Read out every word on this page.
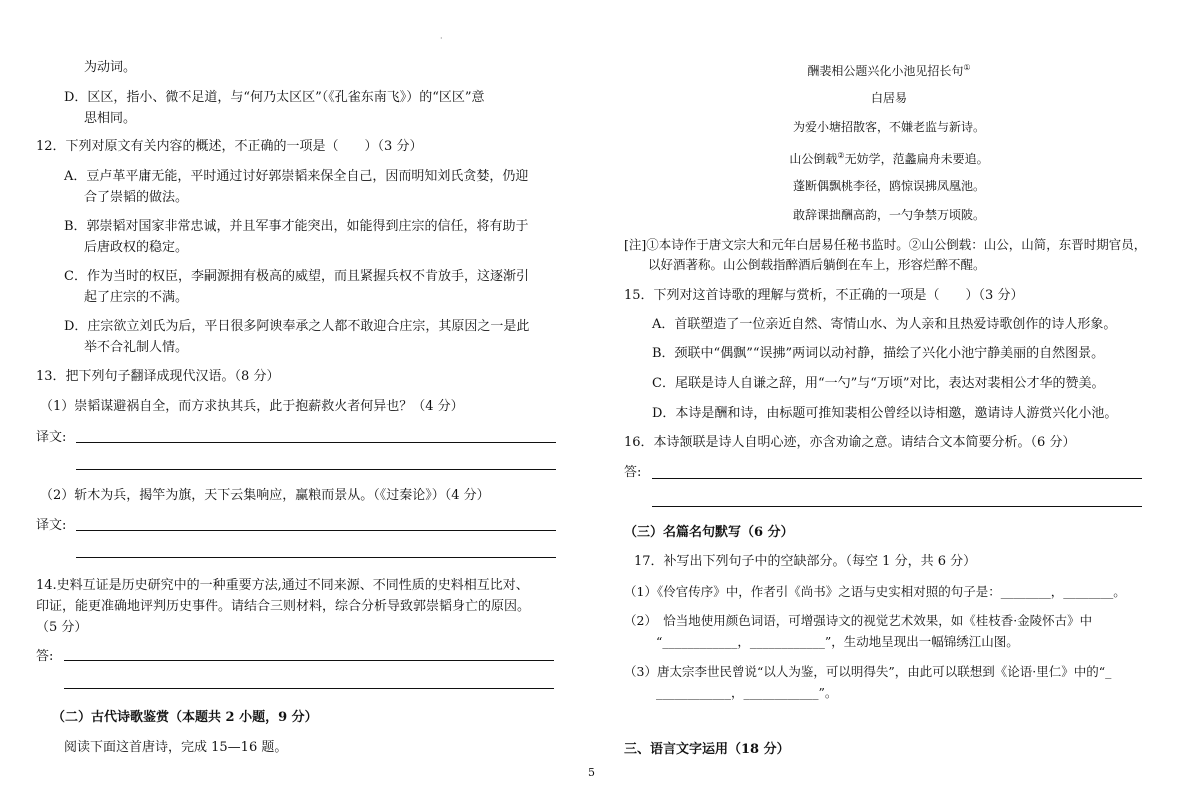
·
为动词。
D．区区，指小、微不足道，与“何乃太区区”（《孔雀东南飞》）的“区区”意
思相同。
12．下列对原文有关内容的概述，不正确的一项是（　　）（3 分）
A．豆卢革平庸无能，平时通过讨好郭崇韬来保全自己，因而明知刘氏贪婪，仍迎
合了崇韬的做法。
B．郭崇韬对国家非常忠诚，并且军事才能突出，如能得到庄宗的信任，将有助于
后唐政权的稳定。
C．作为当时的权臣，李嗣源拥有极高的威望，而且紧握兵权不肯放手，这逐渐引
起了庄宗的不满。
D．庄宗欲立刘氏为后，平日很多阿谀奉承之人都不敢迎合庄宗，其原因之一是此
举不合礼制人情。
13．把下列句子翻译成现代汉语。（8 分）
（1）崇韬谋避祸自全，而方求执其兵，此于抱薪救火者何异也？（4 分）
译文:
（2）斩木为兵，揭竿为旗，天下云集响应，赢粮而景从。（《过秦论》）（4 分）
译文:
14.史料互证是历史研究中的一种重要方法,通过不同来源、不同性质的史料相互比对、
印证，能更准确地评判历史事件。请结合三则材料，综合分析导致郭崇韬身亡的原因。
（5 分）
答:
（二）古代诗歌鉴赏（本题共 2 小题，9 分）
阅读下面这首唐诗，完成 15—16 题。
酬裴相公题兴化小池见招长句①
白居易
为爱小塘招散客，不嫌老监与新诗。
山公倒载②无妨学，范蠡扁舟未要追。
蓬断偶飘桃李径，鸥惊误拂凤凰池。
敢辞课拙酬高韵，一勺争禁万顷陂。
[注]①本诗作于唐文宗大和元年白居易任秘书监时。②山公倒载：山公，山简，东晋时期官员，
以好酒著称。山公倒载指醉酒后躺倒在车上，形容烂醉不醒。
15．下列对这首诗歌的理解与赏析，不正确的一项是（　　）（3 分）
A．首联塑造了一位亲近自然、寄情山水、为人亲和且热爱诗歌创作的诗人形象。
B．颈联中“偶飘”“误拂”两词以动衬静，描绘了兴化小池宁静美丽的自然图景。
C．尾联是诗人自谦之辞，用“一勺”与“万顷”对比，表达对裴相公才华的赞美。
D．本诗是酬和诗，由标题可推知裴相公曾经以诗相邀，邀请诗人游赏兴化小池。
16．本诗颔联是诗人自明心迹，亦含劝谕之意。请结合文本简要分析。（6 分）
答:
（三）名篇名句默写（6 分）
17．补写出下列句子中的空缺部分。（每空 1 分，共 6 分）
（1）《伶官传序》中，作者引《尚书》之语与史实相对照的句子是：________，________。
（2）　恰当地使用颜色词语，可增强诗文的视觉艺术效果，如《桂枝香·金陵怀古》中
“____________，____________”，生动地呈现出一幅锦绣江山图。
（3）唐太宗李世民曾说“以人为鉴，可以明得失”，由此可以联想到《论语·里仁》中的“_
____________，____________”。
三、语言文字运用（18 分）
5
